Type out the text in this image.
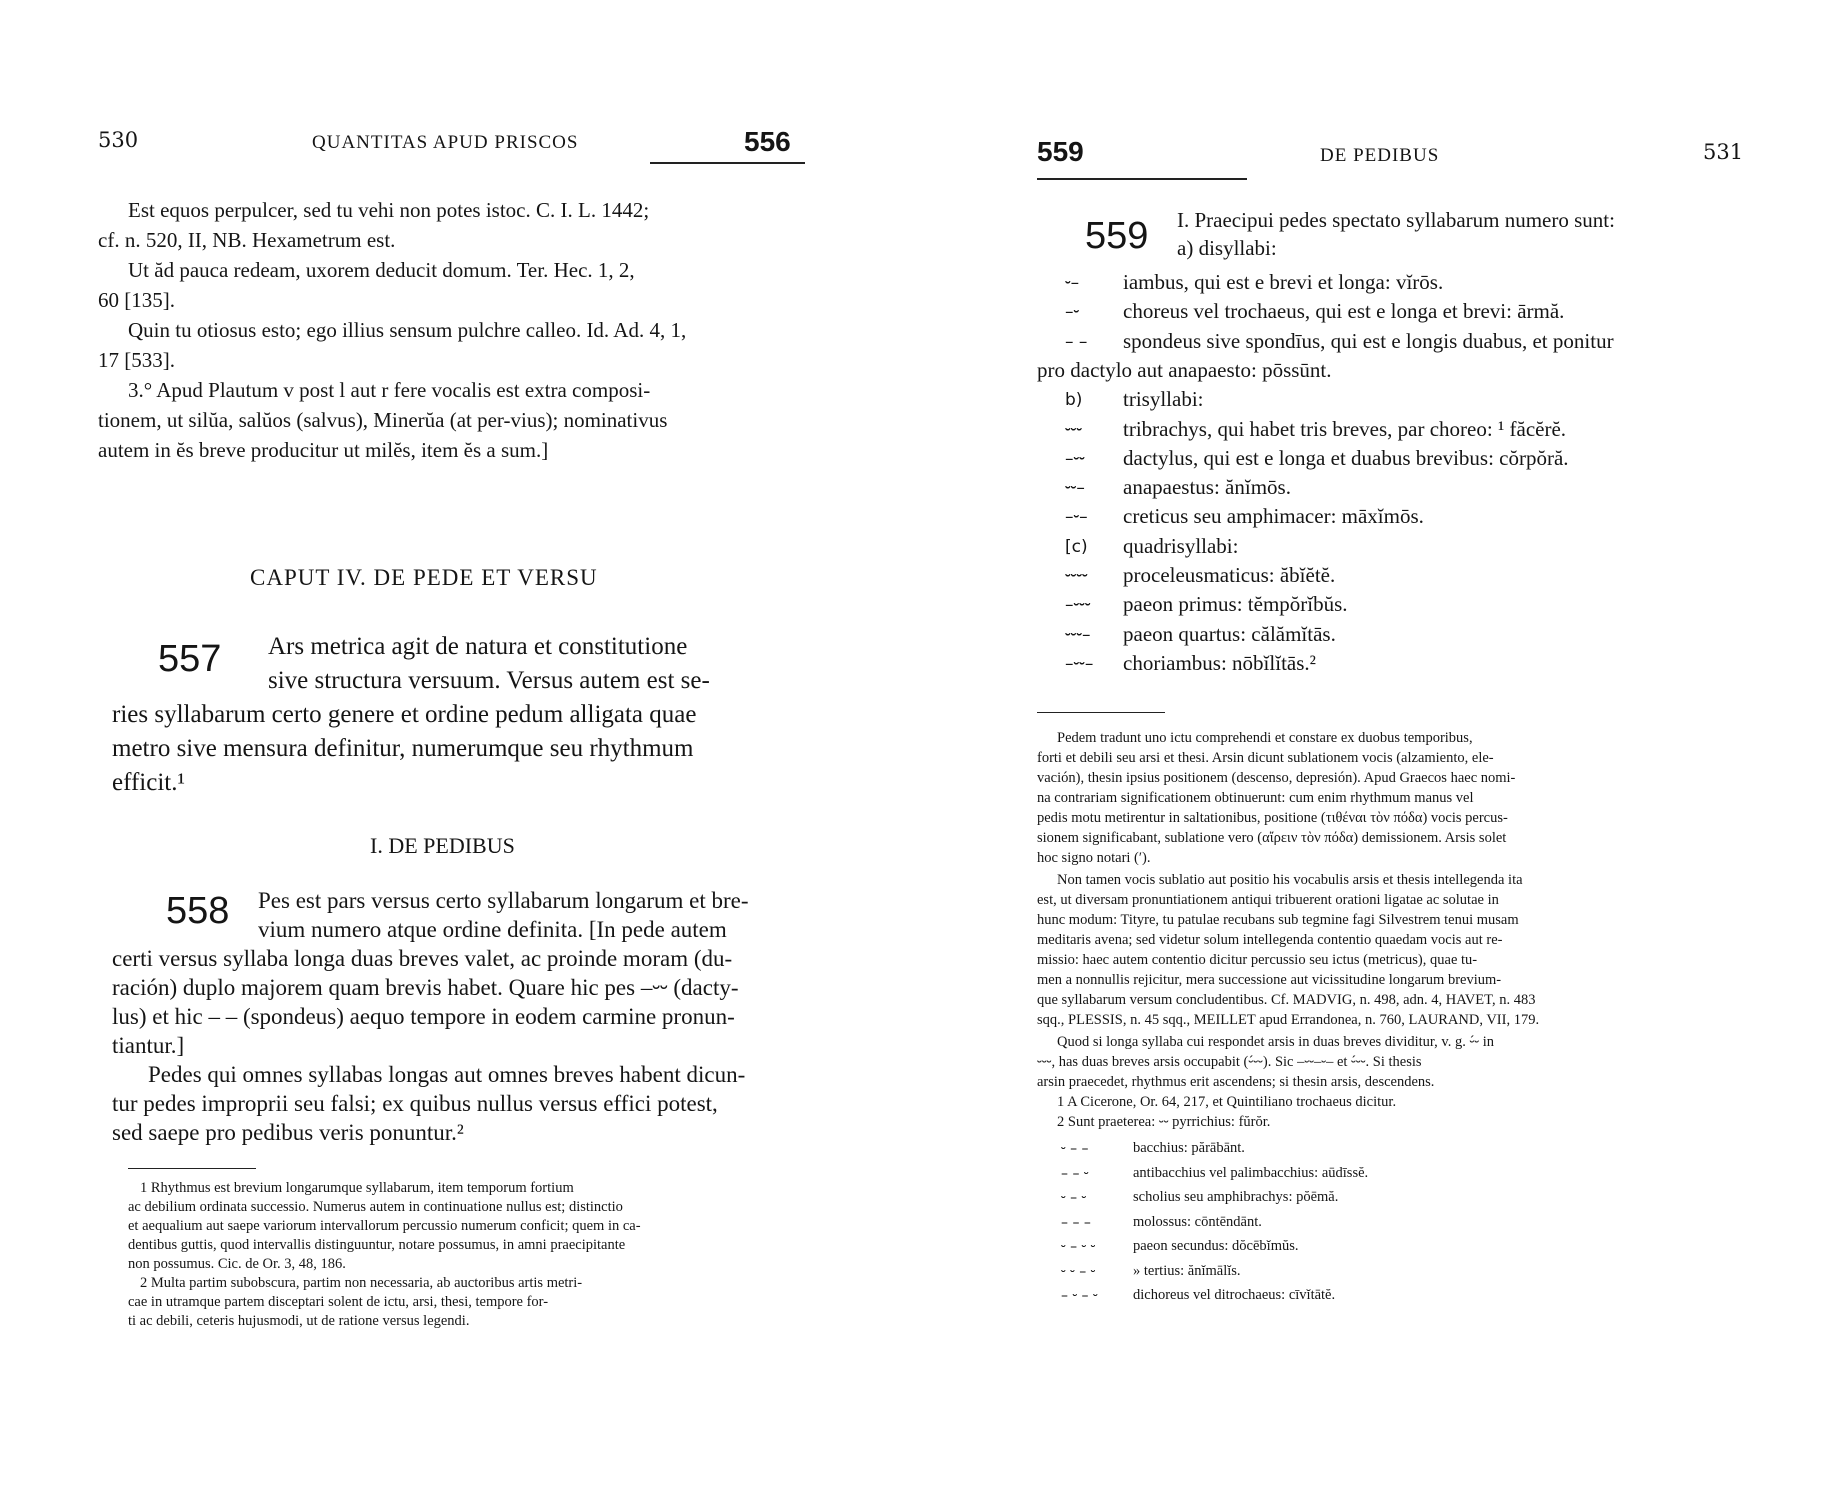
530	QUANTITAS APUD PRISCOS	556
Est equos perpulcer, sed tu vehi non potes istoc. C. I. L. 1442;
cf. n. 520, II, NB. Hexametrum est.
Ut ăd pauca redeam, uxorem deducit domum. Ter. Hec. 1, 2,
60 [135].
Quin tu otiosus esto; ego illius sensum pulchre calleo. Id. Ad. 4, 1,
17 [533].
3.° Apud Plautum v post l aut r fere vocalis est extra composi-
tionem, ut silŭa, salŭos (salvus), Minerŭa (at per-vius); nominativus
autem in ĕs breve producitur ut milĕs, item ĕs a sum.]
CAPUT IV. DE PEDE ET VERSU
557 Ars metrica agit de natura et constitutione
sive structura versuum. Versus autem est se-
ries syllabarum certo genere et ordine pedum alligata quae
metro sive mensura definitur, numerumque seu rhythmum
efficit.¹
I. DE PEDIBUS
558 Pes est pars versus certo syllabarum longarum et bre-
vium numero atque ordine definita. [In pede autem
certi versus syllaba longa duas breves valet, ac proinde moram (du-
ración) duplo majorem quam brevis habet. Quare hic pes –⏑⏑ (dacty-
lus) et hic – – (spondeus) aequo tempore in eodem carmine pronun-
tiantur.]
Pedes qui omnes syllabas longas aut omnes breves habent dicun-
tur pedes improprii seu falsi; ex quibus nullus versus effici potest,
sed saepe pro pedibus veris ponuntur.²
1 Rhythmus est brevium longarumque syllabarum, item temporum fortium
ac debilium ordinata successio. Numerus autem in continuatione nullus est; distinctio
et aequalium aut saepe variorum intervallorum percussio numerum conficit; quem in ca-
dentibus guttis, quod intervallis distinguuntur, notare possumus, in amni praecipitante
non possumus. Cic. de Or. 3, 48, 186.
2 Multa partim subobscura, partim non necessaria, ab auctoribus artis metri-
cae in utramque partem disceptari solent de ictu, arsi, thesi, tempore for-
ti ac debili, ceteris hujusmodi, ut de ratione versus legendi.
559	DE PEDIBUS	531
559 I. Praecipui pedes spectato syllabarum numero sunt:
a) disyllabi:
⏑– iambus, qui est e brevi et longa: vĭrōs.
–⏑ choreus vel trochaeus, qui est e longa et brevi: ārmă.
– – spondeus sive spondīus, qui est e longis duabus, et ponitur
pro dactylo aut anapaesto: pōssūnt.
b) trisyllabi:
⏑⏑⏑ tribrachys, qui habet tris breves, par choreo: ¹ făcĕrĕ.
–⏑⏑ dactylus, qui est e longa et duabus brevibus: cŏrpŏră.
⏑⏑– anapaestus: ănĭmōs.
–⏑– creticus seu amphimacer: māxĭmōs.
[c) quadrisyllabi:
⏑⏑⏑⏑ proceleusmaticus: ăbĭĕtĕ.
–⏑⏑⏑ paeon primus: tĕmpŏrĭbŭs.
⏑⏑⏑– paeon quartus: călămĭtās.
–⏑⏑– choriambus: nōbĭlĭtās.²
Pedem tradunt uno ictu comprehendi et constare ex duobus temporibus,
forti et debili seu arsi et thesi. Arsin dicunt sublationem vocis (alzamiento, ele-
vación), thesin ipsius positionem (descenso, depresión). Apud Graecos haec nomi-
na contrariam significationem obtinuerunt: cum enim rhythmum manus vel
pedis motu metirentur in saltationibus, positione (τιθέναι τὸν πόδα) vocis percus-
sionem significabant, sublatione vero (αἴρειν τὸν πόδα) demissionem. Arsis solet
hoc signo notari (′).
Non tamen vocis sublatio aut positio his vocabulis arsis et thesis intellegenda ita
est, ut diversam pronuntiationem antiqui tribuerent orationi ligatae ac solutae in
hunc modum: Tityre, tu patulae recubans sub tegmine fagi Silvestrem tenui musam
meditaris avena; sed videtur solum intellegenda contentio quaedam vocis aut re-
missio: haec autem contentio dicitur percussio seu ictus (metricus), quae tu-
men a nonnullis rejicitur, mera successione aut vicissitudine longarum brevium-
que syllabarum versum concludentibus. Cf. MADVIG, n. 498, adn. 4, HAVET, n. 483
sqq., PLESSIS, n. 45 sqq., MEILLET apud Errandonea, n. 760, LAURAND, VII, 179.
Quod si longa syllaba cui respondet arsis in duas breves dividitur, v. g. ⏑́⏑ in
⏑⏑⏑, has duas breves arsis occupabit (⏑́⏑⏑). Sic –⏑⏑–⏑– et ⏑́⏑⏑. Si thesis
arsin praecedet, rhythmus erit ascendens; si thesin arsis, descendens.
1 A Cicerone, Or. 64, 217, et Quintiliano trochaeus dicitur.
2 Sunt praeterea: ⏑⏑ pyrrichius: fŭrŏr.
⏑ – –	bacchius: părābānt.
– – ⏑	antibacchius vel palimbacchius: aūdīssĕ.
⏑ – ⏑	scholius seu amphibrachys: pŏēmă.
– – –	molossus: cōntēndānt.
⏑ – ⏑ ⏑	paeon secundus: dŏcēbĭmŭs.
⏑ ⏑ – ⏑	» tertius: ănĭmālĭs.
– ⏑ – ⏑ dichoreus vel ditrochaeus: cīvĭtātĕ.
